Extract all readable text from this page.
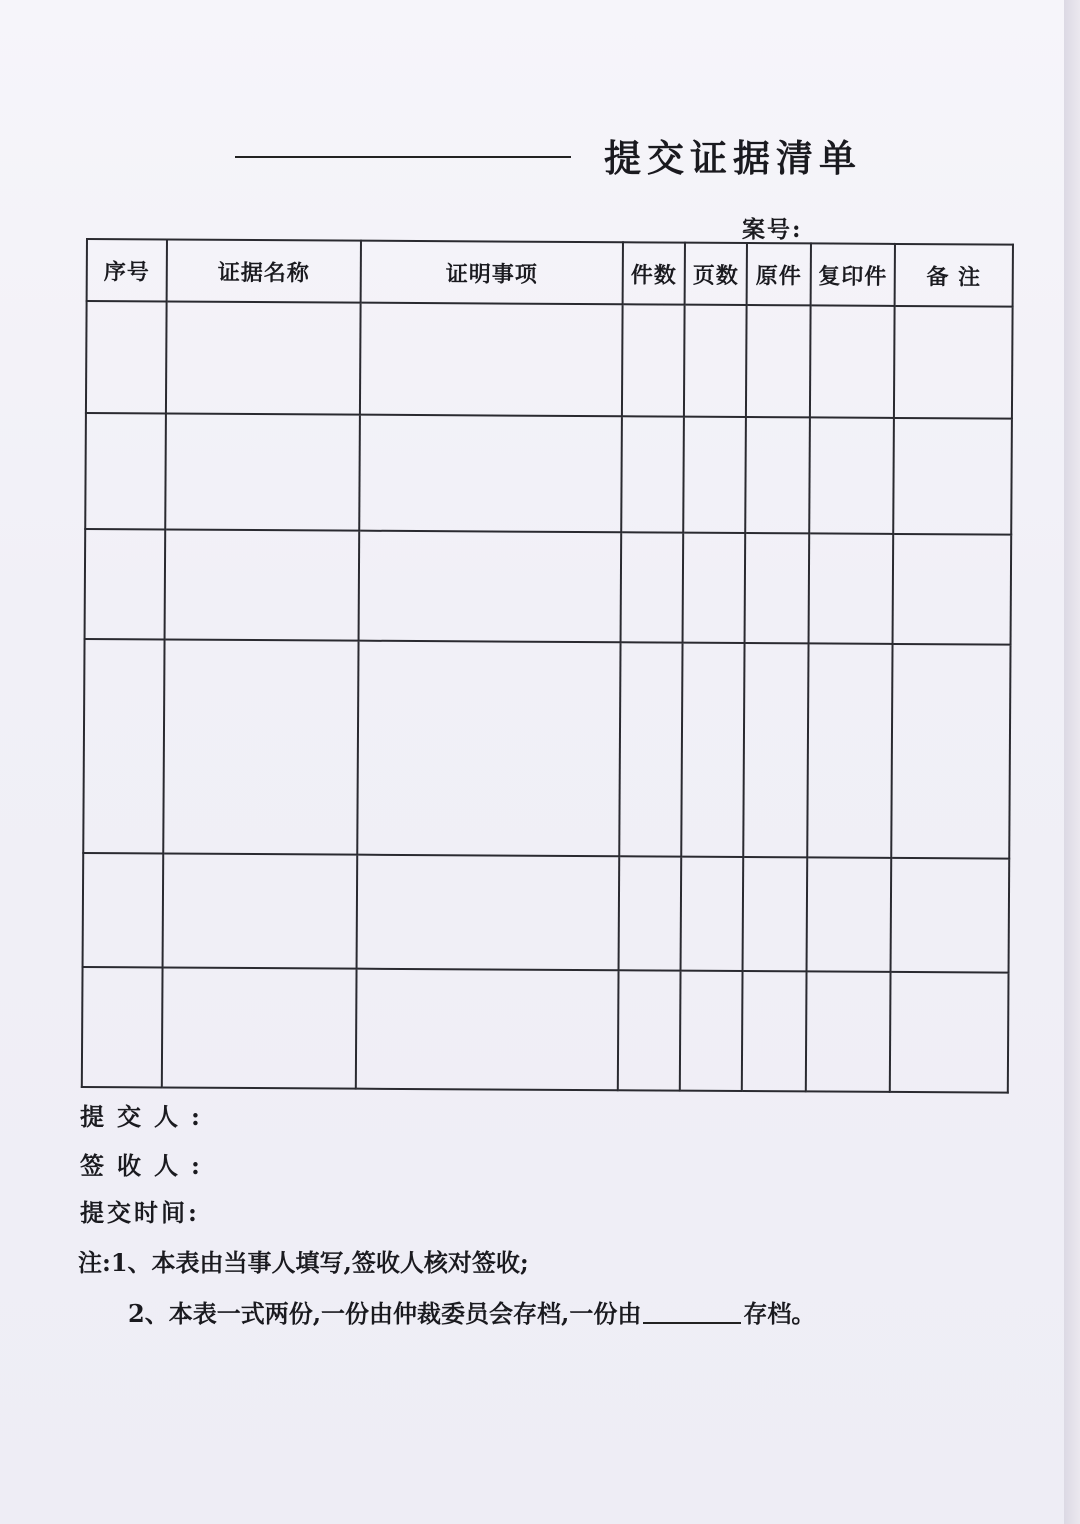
提交证据清单
案号:
序号	证据名称	证明事项	件数	页数	原件	复印件	备 注

提交人:
签收人:
提交时间:
注:1、本表由当事人填写,签收人核对签收;
2、本表一式两份,一份由仲裁委员会存档,一份由	存档。
